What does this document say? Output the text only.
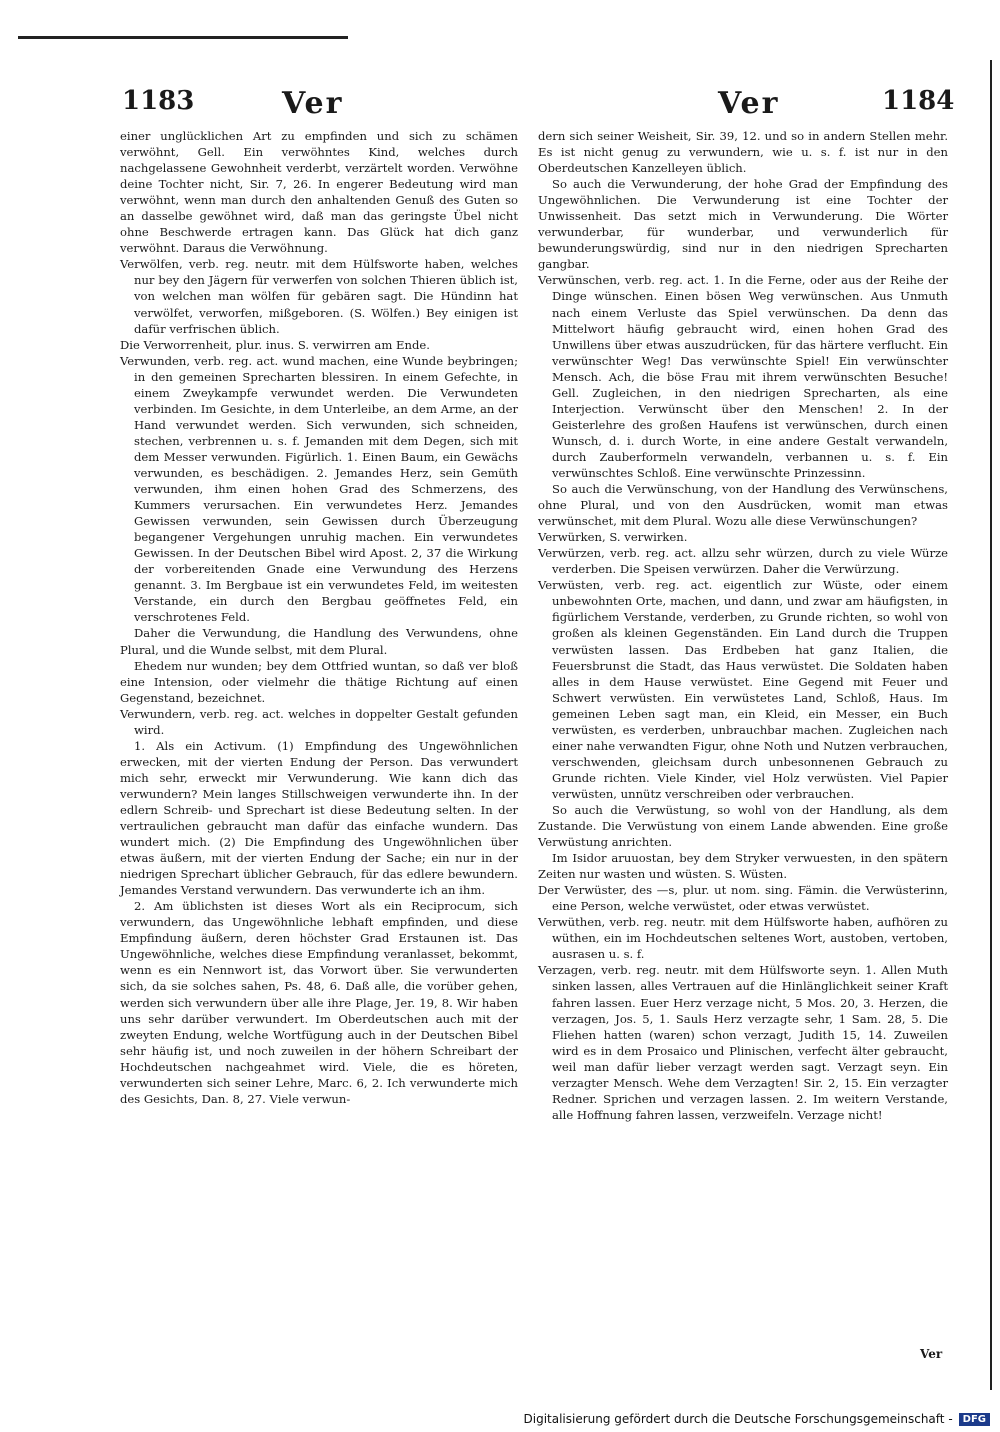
1183	Ver	Ver	1184

einer unglücklichen Art zu empfinden und sich zu schämen verwöhnt, Gell. Ein verwöhntes Kind, welches durch nachgelassene Gewohnheit verderbt, verzärtelt worden. Verwöhne deine Tochter nicht, Sir. 7, 26. In engerer Bedeutung wird man verwöhnt, wenn man durch den anhaltenden Genuß des Guten so an dasselbe gewöhnet wird, daß man das geringste Übel nicht ohne Beschwerde ertragen kann. Das Glück hat dich ganz verwöhnt. Daraus die Verwöhnung.

Verwölfen, verb. reg. neutr. mit dem Hülfsworte haben, welches nur bey den Jägern für verwerfen von solchen Thieren üblich ist, von welchen man wölfen für gebären sagt. Die Hündinn hat verwölfet, verworfen, mißgeboren. (S. Wölfen.) Bey einigen ist dafür verfrischen üblich.

Die Verworrenheit, plur. inus. S. verwirren am Ende.

Verwunden, verb. reg. act. wund machen, eine Wunde beybringen; in den gemeinen Sprecharten blessiren. In einem Gefechte, in einem Zweykampfe verwundet werden. Die Verwundeten verbinden. Im Gesichte, in dem Unterleibe, an dem Arme, an der Hand verwundet werden. Sich verwunden, sich schneiden, stechen, verbrennen u. s. f. Jemanden mit dem Degen, sich mit dem Messer verwunden. Figürlich. 1. Einen Baum, ein Gewächs verwunden, es beschädigen. 2. Jemandes Herz, sein Gemüth verwunden, ihm einen hohen Grad des Schmerzens, des Kummers verursachen. Ein verwundetes Herz. Jemandes Gewissen verwunden, sein Gewissen durch Überzeugung begangener Vergehungen unruhig machen. Ein verwundetes Gewissen. In der Deutschen Bibel wird Apost. 2, 37 die Wirkung der vorbereitenden Gnade eine Verwundung des Herzens genannt. 3. Im Bergbaue ist ein verwundetes Feld, im weitesten Verstande, ein durch den Bergbau geöffnetes Feld, ein verschrotenes Feld.

Daher die Verwundung, die Handlung des Verwundens, ohne Plural, und die Wunde selbst, mit dem Plural.

Ehedem nur wunden; bey dem Ottfried wuntan, so daß ver bloß eine Intension, oder vielmehr die thätige Richtung auf einen Gegenstand, bezeichnet.

Verwundern, verb. reg. act. welches in doppelter Gestalt gefunden wird.

1. Als ein Activum. (1) Empfindung des Ungewöhnlichen erwecken, mit der vierten Endung der Person. Das verwundert mich sehr, erweckt mir Verwunderung. Wie kann dich das verwundern? Mein langes Stillschweigen verwunderte ihn. In der edlern Schreib- und Sprechart ist diese Bedeutung selten. In der vertraulichen gebraucht man dafür das einfache wundern. Das wundert mich. (2) Die Empfindung des Ungewöhnlichen über etwas äußern, mit der vierten Endung der Sache; ein nur in der niedrigen Sprechart üblicher Gebrauch, für das edlere bewundern. Jemandes Verstand verwundern. Das verwunderte ich an ihm.

2. Am üblichsten ist dieses Wort als ein Reciprocum, sich verwundern, das Ungewöhnliche lebhaft empfinden, und diese Empfindung äußern, deren höchster Grad Erstaunen ist. Das Ungewöhnliche, welches diese Empfindung veranlasset, bekommt, wenn es ein Nennwort ist, das Vorwort über. Sie verwunderten sich, da sie solches sahen, Ps. 48, 6. Daß alle, die vorüber gehen, werden sich verwundern über alle ihre Plage, Jer. 19, 8. Wir haben uns sehr darüber verwundert. Im Oberdeutschen auch mit der zweyten Endung, welche Wortfügung auch in der Deutschen Bibel sehr häufig ist, und noch zuweilen in der höhern Schreibart der Hochdeutschen nachgeahmet wird. Viele, die es höreten, verwunderten sich seiner Lehre, Marc. 6, 2. Ich verwunderte mich des Gesichts, Dan. 8, 27. Viele verwun-

dern sich seiner Weisheit, Sir. 39, 12. und so in andern Stellen mehr. Es ist nicht genug zu verwundern, wie u. s. f. ist nur in den Oberdeutschen Kanzelleyen üblich.

So auch die Verwunderung, der hohe Grad der Empfindung des Ungewöhnlichen. Die Verwunderung ist eine Tochter der Unwissenheit. Das setzt mich in Verwunderung. Die Wörter verwunderbar, für wunderbar, und verwunderlich für bewunderungswürdig, sind nur in den niedrigen Sprecharten gangbar.

Verwünschen, verb. reg. act. 1. In die Ferne, oder aus der Reihe der Dinge wünschen. Einen bösen Weg verwünschen. Aus Unmuth nach einem Verluste das Spiel verwünschen. Da denn das Mittelwort häufig gebraucht wird, einen hohen Grad des Unwillens über etwas auszudrücken, für das härtere verflucht. Ein verwünschter Weg! Das verwünschte Spiel! Ein verwünschter Mensch. Ach, die böse Frau mit ihrem verwünschten Besuche! Gell. Zugleichen, in den niedrigen Sprecharten, als eine Interjection. Verwünscht über den Menschen! 2. In der Geisterlehre des großen Haufens ist verwünschen, durch einen Wunsch, d. i. durch Worte, in eine andere Gestalt verwandeln, durch Zauberformeln verwandeln, verbannen u. s. f. Ein verwünschtes Schloß. Eine verwünschte Prinzessinn.

So auch die Verwünschung, von der Handlung des Verwünschens, ohne Plural, und von den Ausdrücken, womit man etwas verwünschet, mit dem Plural. Wozu alle diese Verwünschungen?

Verwürken, S. verwirken.

Verwürzen, verb. reg. act. allzu sehr würzen, durch zu viele Würze verderben. Die Speisen verwürzen. Daher die Verwürzung.

Verwüsten, verb. reg. act. eigentlich zur Wüste, oder einem unbewohnten Orte, machen, und dann, und zwar am häufigsten, in figürlichem Verstande, verderben, zu Grunde richten, so wohl von großen als kleinen Gegenständen. Ein Land durch die Truppen verwüsten lassen. Das Erdbeben hat ganz Italien, die Feuersbrunst die Stadt, das Haus verwüstet. Die Soldaten haben alles in dem Hause verwüstet. Eine Gegend mit Feuer und Schwert verwüsten. Ein verwüstetes Land, Schloß, Haus. Im gemeinen Leben sagt man, ein Kleid, ein Messer, ein Buch verwüsten, es verderben, unbrauchbar machen. Zugleichen nach einer nahe verwandten Figur, ohne Noth und Nutzen verbrauchen, verschwenden, gleichsam durch unbesonnenen Gebrauch zu Grunde richten. Viele Kinder, viel Holz verwüsten. Viel Papier verwüsten, unnütz verschreiben oder verbrauchen.

So auch die Verwüstung, so wohl von der Handlung, als dem Zustande. Die Verwüstung von einem Lande abwenden. Eine große Verwüstung anrichten.

Im Isidor aruuostan, bey dem Stryker verwuesten, in den spätern Zeiten nur wasten und wüsten. S. Wüsten.

Der Verwüster, des —s, plur. ut nom. sing. Fämin. die Verwüsterinn, eine Person, welche verwüstet, oder etwas verwüstet.

Verwüthen, verb. reg. neutr. mit dem Hülfsworte haben, aufhören zu wüthen, ein im Hochdeutschen seltenes Wort, austoben, vertoben, ausrasen u. s. f.

Verzagen, verb. reg. neutr. mit dem Hülfsworte seyn. 1. Allen Muth sinken lassen, alles Vertrauen auf die Hinlänglichkeit seiner Kraft fahren lassen. Euer Herz verzage nicht, 5 Mos. 20, 3. Herzen, die verzagen, Jos. 5, 1. Sauls Herz verzagte sehr, 1 Sam. 28, 5. Die Fliehen hatten (waren) schon verzagt, Judith 15, 14. Zuweilen wird es in dem Prosaico und Plinischen, verfecht älter gebraucht, weil man dafür lieber verzagt werden sagt. Verzagt seyn. Ein verzagter Mensch. Wehe dem Verzagten! Sir. 2, 15. Ein verzagter Redner. Sprichen und verzagen lassen. 2. Im weitern Verstande, alle Hoffnung fahren lassen, verzweifeln. Verzage nicht!

Ver
Digitalisierung gefördert durch die Deutsche Forschungsgemeinschaft -	DFG
